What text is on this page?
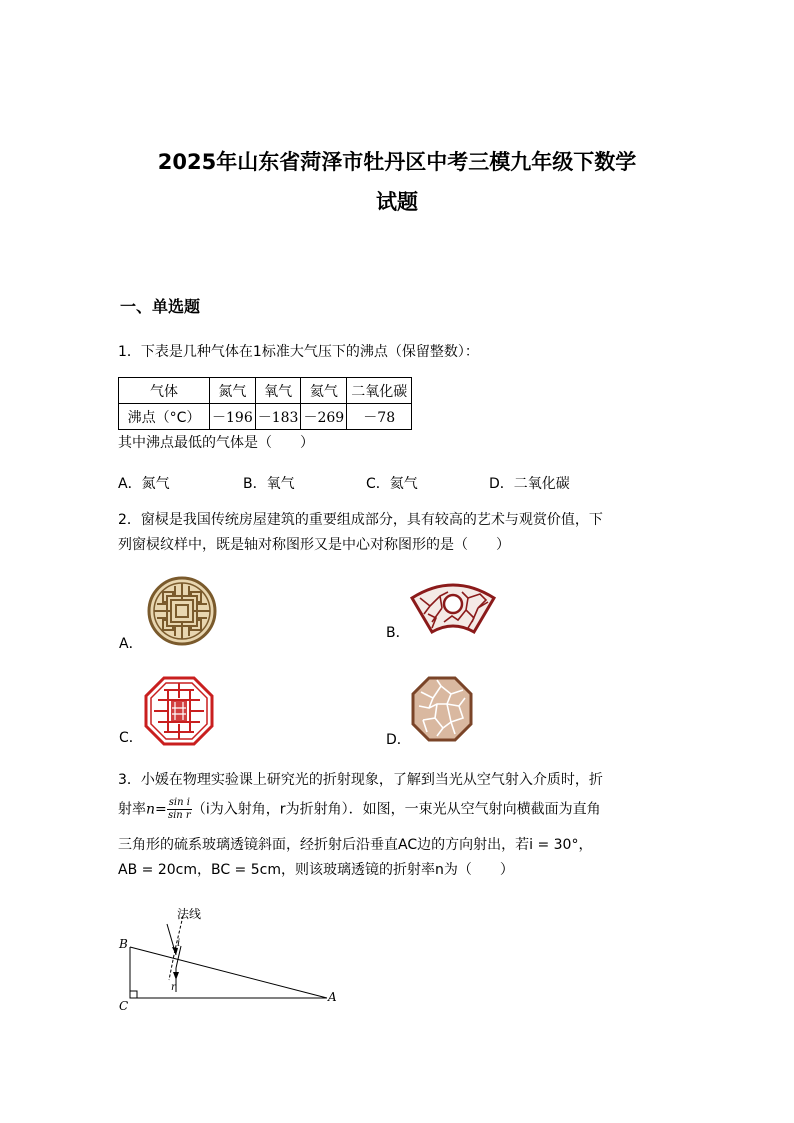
2025年山东省菏泽市牡丹区中考三模九年级下数学
试题
一、单选题
1．下表是几种气体在1标准大气压下的沸点（保留整数）：
气体	氮气	氧气	氦气	二氧化碳
沸点（°C）	－196	－183	－269	－78
其中沸点最低的气体是（　　）
A．氮气	B．氧气	C．氦气	D．二氧化碳
2．窗棂是我国传统房屋建筑的重要组成部分，具有较高的艺术与观赏价值，下
列窗棂纹样中，既是轴对称图形又是中心对称图形的是（　　）
A．
B．
C．	D．
3．小媛在物理实验课上研究光的折射现象，了解到当光从空气射入介质时，折
射率$n= \frac{\text{sin i}}{\text{sin r}} (i$为入射角，r为折射角）．如图，一束光从空气射向横截面为直角
三角形的硫系玻璃透镜斜面，经折射后沿垂直AC边的方向射出，若i = 30°，
AB = 20cm，BC = 5cm，则该玻璃透镜的折射率n为（　　）
法线
B
C
A
i
r
